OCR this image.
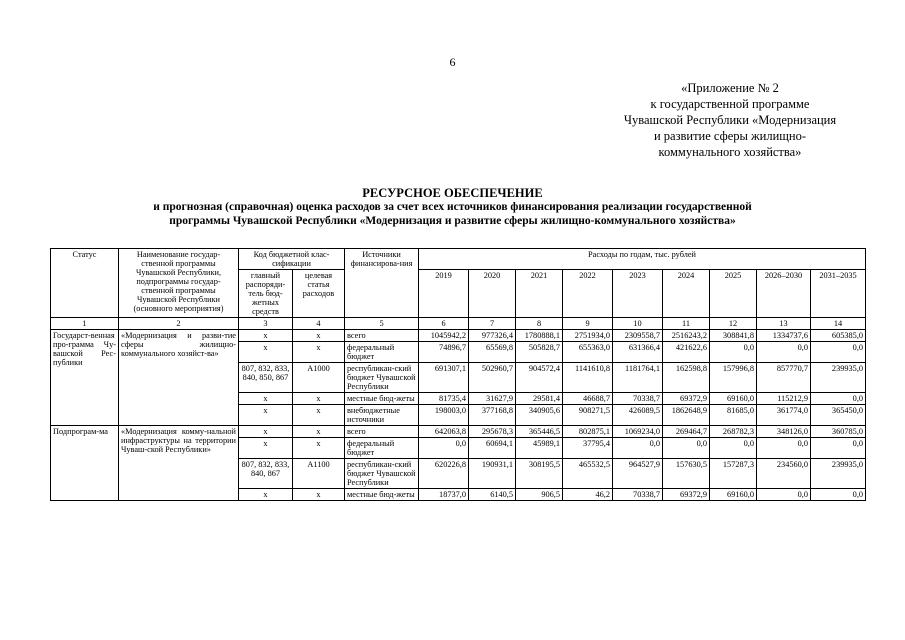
6
«Приложение № 2
к государственной программе
Чувашской Республики «Модернизация
и развитие сферы жилищно-
коммунального хозяйства»
РЕСУРСНОЕ ОБЕСПЕЧЕНИЕ
и прогнозная (справочная) оценка расходов за счет всех источников финансирования реализации государственной
программы Чувашской Республики «Модернизация и развитие сферы жилищно-коммунального хозяйства»
Статус	Наименование государ-ственной программы Чувашской Республики, подпрограммы государ-ственной программы Чувашской Республики (основного мероприятия)	Код бюджетной клас-сификации		Источники финансирова-ния	Расходы по годам, тыс. рублей								
		главный распоряди-тель бюд-жетных средств	целевая статья расходов		2019	2020	2021	2022	2023	2024	2025	2026–2030	2031–2035
1	2	3	4	5	6	7	8	9	10	11	12	13	14
Государст-венная про-грамма Чу-вашской Рес-публики	«Модернизация и разви-тие сферы жилищно-коммунального хозяйст-ва»	x	x	всего	1045942,2	977326,4	1780888,1	2751934,0	2309558,7	2516243,2	308841,8	1334737,6	605385,0
		x	x	федеральный бюджет	74896,7	65569,8	505828,7	655363,0	631366,4	421622,6	0,0	0,0	0,0
		807, 832, 833, 840, 850, 867	А1000	республикан-ский бюджет Чувашской Республики	691307,1	502960,7	904572,4	1141610,8	1181764,1	162598,8	157996,8	857770,7	239935,0
		x	x	местные бюд-жеты	81735,4	31627,9	29581,4	46688,7	70338,7	69372,9	69160,0	115212,9	0,0
		x	x	внебюджетные источники	198003,0	377168,8	340905,6	908271,5	426089,5	1862648,9	81685,0	361774,0	365450,0
Подпрограм-ма	«Модернизация комму-нальной инфраструктуры на территории Чуваш-ской Республики»	x	x	всего	642063,8	295678,3	365446,5	802875,1	1069234,0	269464,7	268782,3	348126,0	360785,0
		x	x	федеральный бюджет	0,0	60694,1	45989,1	37795,4	0,0	0,0	0,0	0,0	0,0
		807, 832, 833, 840, 867	А1100	республикан-ский бюджет Чувашской Республики	620226,8	190931,1	308195,5	465532,5	964527,9	157630,5	157287,3	234560,0	239935,0
		x	x	местные бюд-жеты	18737,0	6140,5	906,5	46,2	70338,7	69372,9	69160,0	0,0	0,0
